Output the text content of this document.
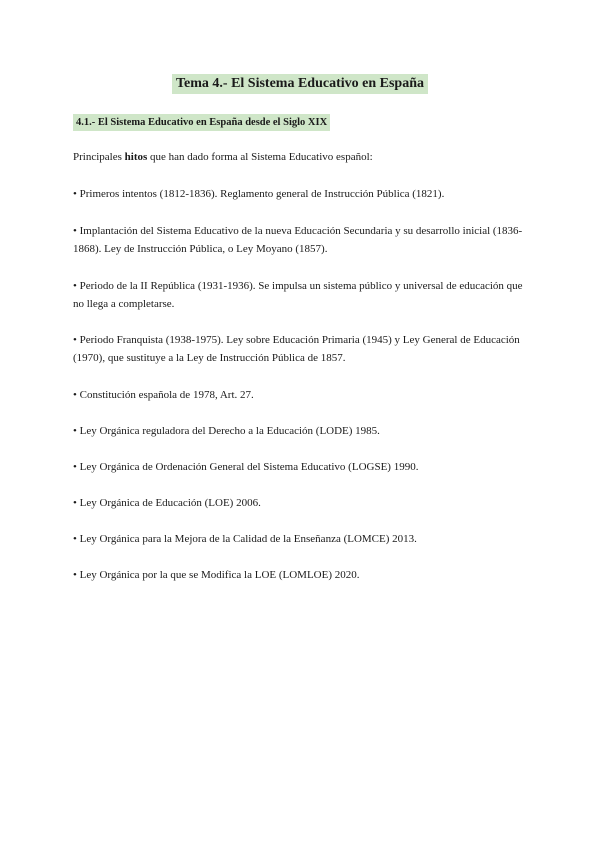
Tema 4.- El Sistema Educativo en España
4.1.- El Sistema Educativo en España desde el Siglo XIX
Principales hitos que han dado forma al Sistema Educativo español:
• Primeros intentos (1812-1836). Reglamento general de Instrucción Pública (1821).
• Implantación del Sistema Educativo de la nueva Educación Secundaria y su desarrollo inicial (1836-1868). Ley de Instrucción Pública, o Ley Moyano (1857).
• Periodo de la II República (1931-1936). Se impulsa un sistema público y universal de educación que no llega a completarse.
• Periodo Franquista (1938-1975). Ley sobre Educación Primaria (1945) y Ley General de Educación (1970), que sustituye a la Ley de Instrucción Pública de 1857.
• Constitución española de 1978, Art. 27.
• Ley Orgánica reguladora del Derecho a la Educación (LODE) 1985.
• Ley Orgánica de Ordenación General del Sistema Educativo (LOGSE) 1990.
• Ley Orgánica de Educación (LOE) 2006.
• Ley Orgánica para la Mejora de la Calidad de la Enseñanza (LOMCE) 2013.
• Ley Orgánica por la que se Modifica la LOE (LOMLOE) 2020.
